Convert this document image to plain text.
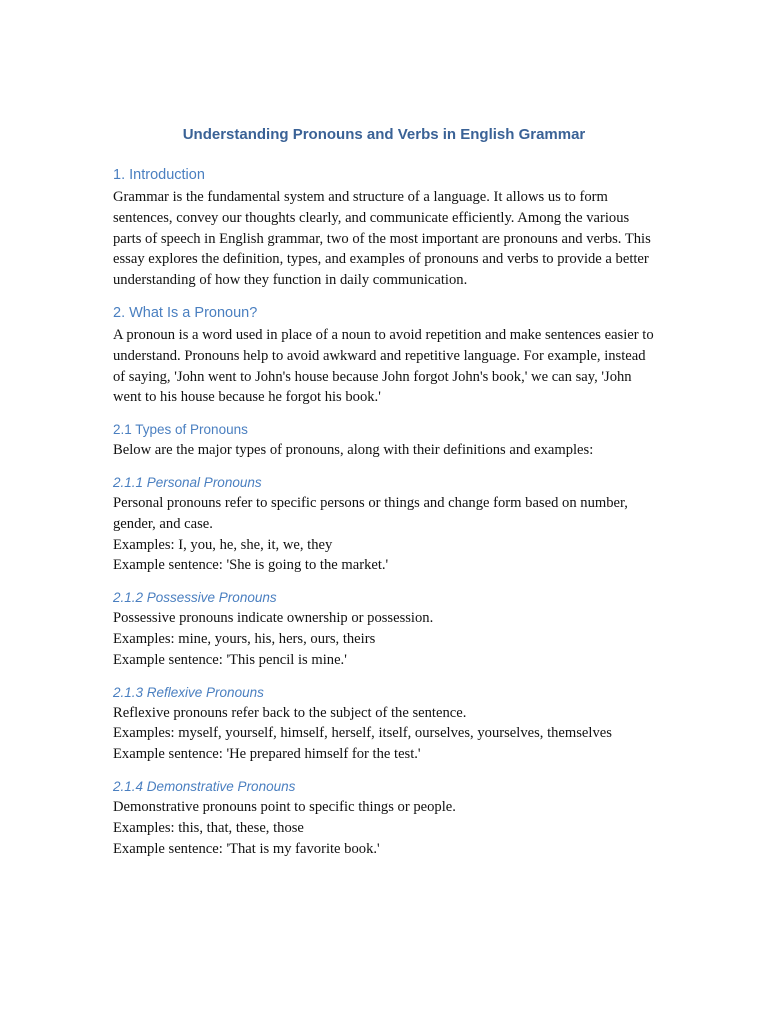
Understanding Pronouns and Verbs in English Grammar
1. Introduction

Grammar is the fundamental system and structure of a language. It allows us to form sentences, convey our thoughts clearly, and communicate efficiently. Among the various parts of speech in English grammar, two of the most important are pronouns and verbs. This essay explores the definition, types, and examples of pronouns and verbs to provide a better understanding of how they function in daily communication.

2. What Is a Pronoun?

A pronoun is a word used in place of a noun to avoid repetition and make sentences easier to understand. Pronouns help to avoid awkward and repetitive language. For example, instead of saying, 'John went to John's house because John forgot John's book,' we can say, 'John went to his house because he forgot his book.'

2.1 Types of Pronouns

Below are the major types of pronouns, along with their definitions and examples:

2.1.1 Personal Pronouns

Personal pronouns refer to specific persons or things and change form based on number, gender, and case.

Examples: I, you, he, she, it, we, they

Example sentence: 'She is going to the market.'

2.1.2 Possessive Pronouns

Possessive pronouns indicate ownership or possession.

Examples: mine, yours, his, hers, ours, theirs

Example sentence: 'This pencil is mine.'

2.1.3 Reflexive Pronouns

Reflexive pronouns refer back to the subject of the sentence.

Examples: myself, yourself, himself, herself, itself, ourselves, yourselves, themselves

Example sentence: 'He prepared himself for the test.'

2.1.4 Demonstrative Pronouns

Demonstrative pronouns point to specific things or people.

Examples: this, that, these, those

Example sentence: 'That is my favorite book.'
